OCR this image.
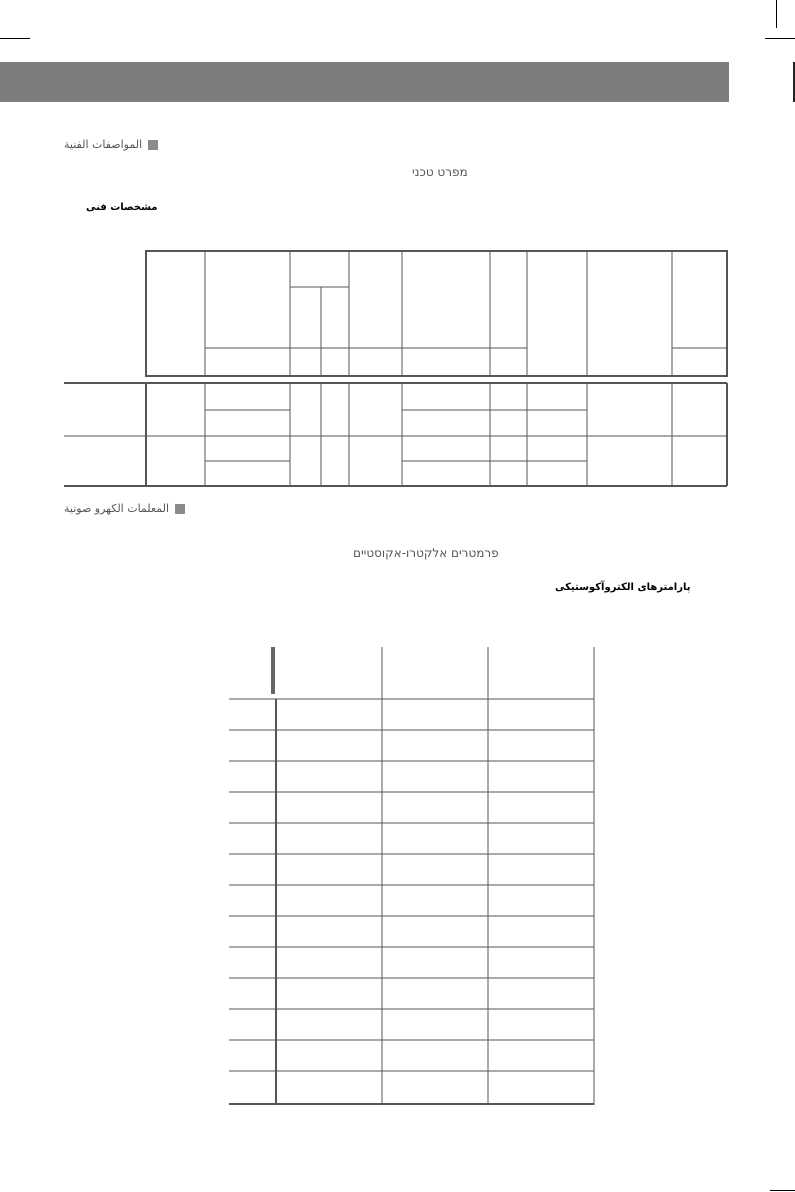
المواصفات الفنية
מפרט טכני
مشخصات فنی
المعلمات الكهرو صوتية
פרמטרים אלקטרו-אקוסטיים
پارامترهای الکتروآکوستیکی
